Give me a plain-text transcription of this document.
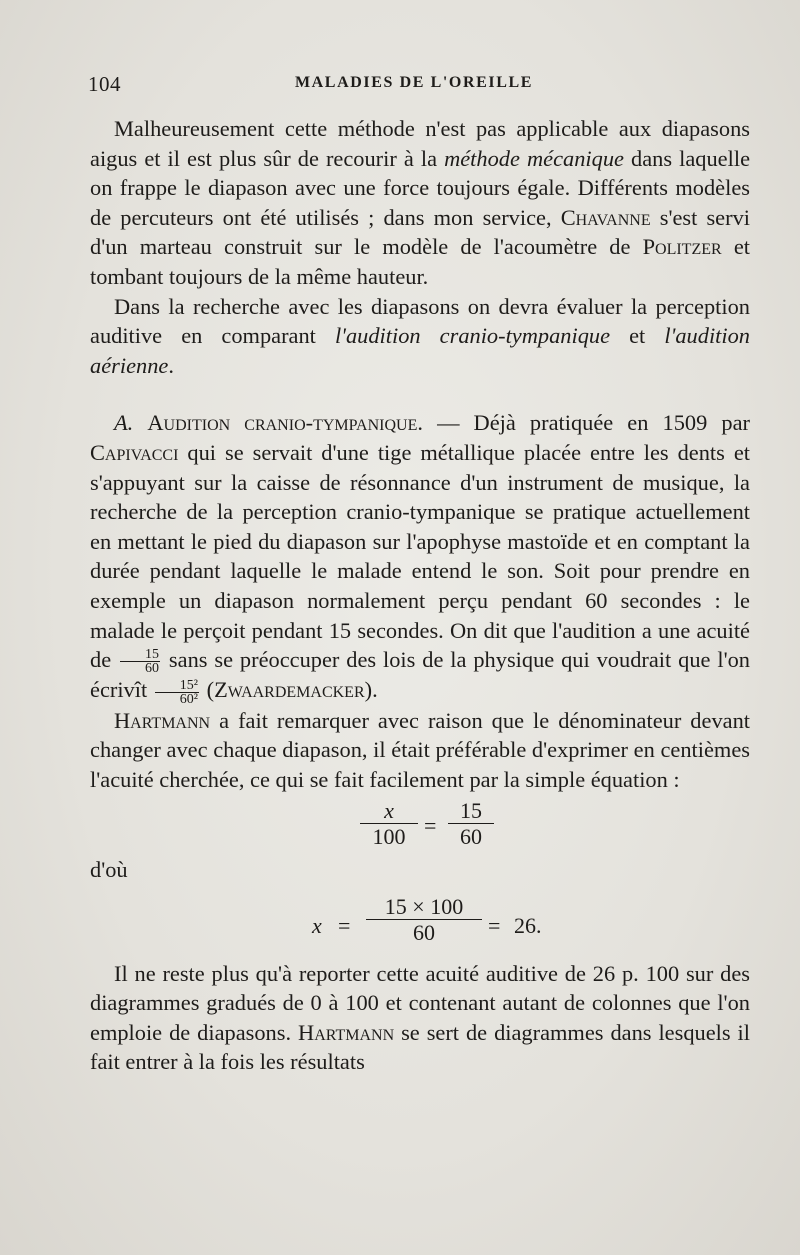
104	MALADIES DE L'OREILLE

Malheureusement cette méthode n'est pas applicable aux diapasons aigus et il est plus sûr de recourir à la méthode mécanique dans laquelle on frappe le diapason avec une force toujours égale. Différents modèles de percuteurs ont été utilisés ; dans mon service, Chavanne s'est servi d'un marteau construit sur le modèle de l'acoumètre de Politzer et tombant toujours de la même hauteur.

Dans la recherche avec les diapasons on devra évaluer la perception auditive en comparant l'audition cranio-tympanique et l'audition aérienne.

A. Audition cranio-tympanique. — Déjà pratiquée en 1509 par Capivacci qui se servait d'une tige métallique placée entre les dents et s'appuyant sur la caisse de résonnance d'un instrument de musique, la recherche de la perception cranio-tympanique se pratique actuellement en mettant le pied du diapason sur l'apophyse mastoïde et en comptant la durée pendant laquelle le malade entend le son. Soit pour prendre en exemple un diapason normalement perçu pendant 60 secondes : le malade le perçoit pendant 15 secondes. On dit que l'audition a une acuité de $\frac{15}{60}$ sans se préoccuper des lois de la physique qui voudrait que l'on écrivît $\frac{\text{15²}}{\text{60²}}$ (Zwaardemacker).

Hartmann a fait remarquer avec raison que le dénominateur devant changer avec chaque diapason, il était préférable d'exprimer en centièmes l'acuité cherchée, ce qui se fait facilement par la simple équation :

$\frac{x}{100} = \frac{15}{60}$
d'où
$x = \frac{15 \times 100}{60} = 26$.

Il ne reste plus qu'à reporter cette acuité auditive de 26 p. 100 sur des diagrammes gradués de 0 à 100 et contenant autant de colonnes que l'on emploie de diapasons. Hartmann se sert de diagrammes dans lesquels il fait entrer à la fois les résultats
